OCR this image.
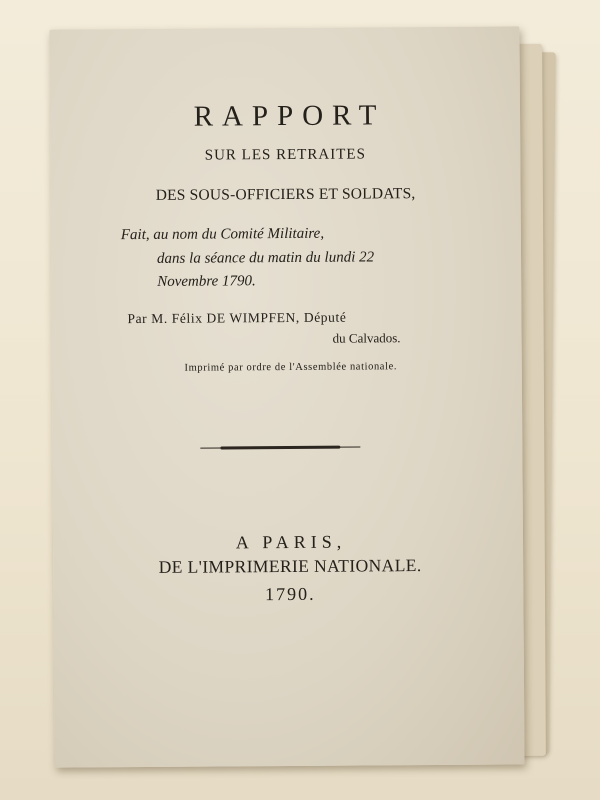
RAPPORT
SUR LES RETRAITES
DES SOUS-OFFICIERS ET SOLDATS,
Fait, au nom du Comité Militaire,
dans la séance du matin du lundi 22
Novembre 1790.
Par M. Félix DE WIMPFEN, Député
du Calvados.
Imprimé par ordre de l'Assemblée nationale.
A PARIS,
DE L'IMPRIMERIE NATIONALE.
1790.
